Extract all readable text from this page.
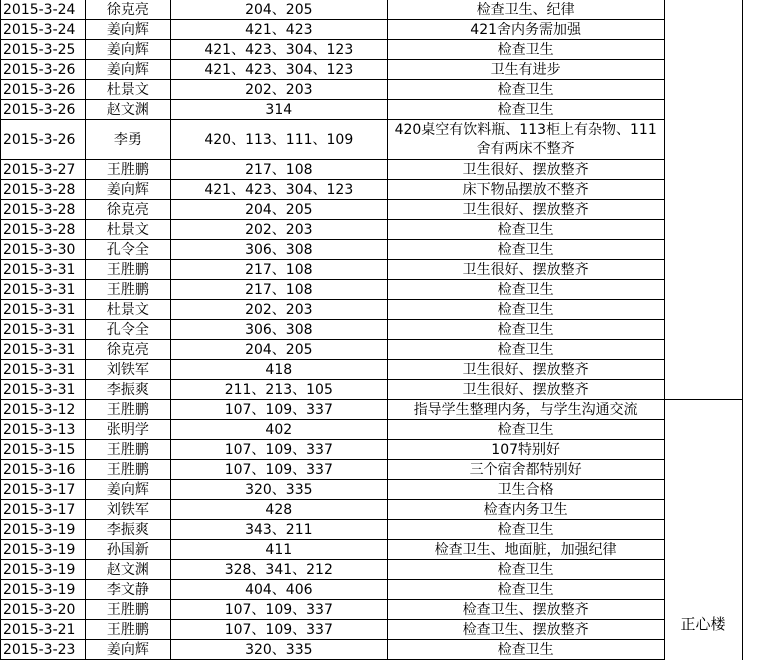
2015-3-24	徐克亮	204、205	检查卫生、纪律		
2015-3-24	姜向辉	421、423	421舍内务需加强		
2015-3-25	姜向辉	421、423、304、123	检查卫生		
2015-3-26	姜向辉	421、423、304、123	卫生有进步		
2015-3-26	杜景文	202、203	检查卫生		
2015-3-26	赵文渊	314	检查卫生		
2015-3-26	李勇	420、113、111、109	420桌空有饮料瓶、113柜上有杂物、111舍有两床不整齐		
2015-3-27	王胜鹏	217、108	卫生很好、摆放整齐		
2015-3-28	姜向辉	421、423、304、123	床下物品摆放不整齐		
2015-3-28	徐克亮	204、205	卫生很好、摆放整齐		
2015-3-28	杜景文	202、203	检查卫生		
2015-3-30	孔令全	306、308	检查卫生		
2015-3-31	王胜鹏	217、108	卫生很好、摆放整齐		
2015-3-31	王胜鹏	217、108	检查卫生		
2015-3-31	杜景文	202、203	检查卫生		
2015-3-31	孔令全	306、308	检查卫生		
2015-3-31	徐克亮	204、205	检查卫生		
2015-3-31	刘铁军	418	卫生很好、摆放整齐		
2015-3-31	李振爽	211、213、105	卫生很好、摆放整齐		
2015-3-12	王胜鹏	107、109、337	指导学生整理内务，与学生沟通交流	正心楼	
2015-3-13	张明学	402	检查卫生		
2015-3-15	王胜鹏	107、109、337	107特别好		
2015-3-16	王胜鹏	107、109、337	三个宿舍都特别好		
2015-3-17	姜向辉	320、335	卫生合格		
2015-3-17	刘铁军	428	检查内务卫生		
2015-3-19	李振爽	343、211	检查卫生		
2015-3-19	孙国新	411	检查卫生、地面脏，加强纪律		
2015-3-19	赵文渊	328、341、212	检查卫生		
2015-3-19	李文静	404、406	检查卫生		
2015-3-20	王胜鹏	107、109、337	检查卫生、摆放整齐		
2015-3-21	王胜鹏	107、109、337	检查卫生、摆放整齐		
2015-3-23	姜向辉	320、335	检查卫生		
